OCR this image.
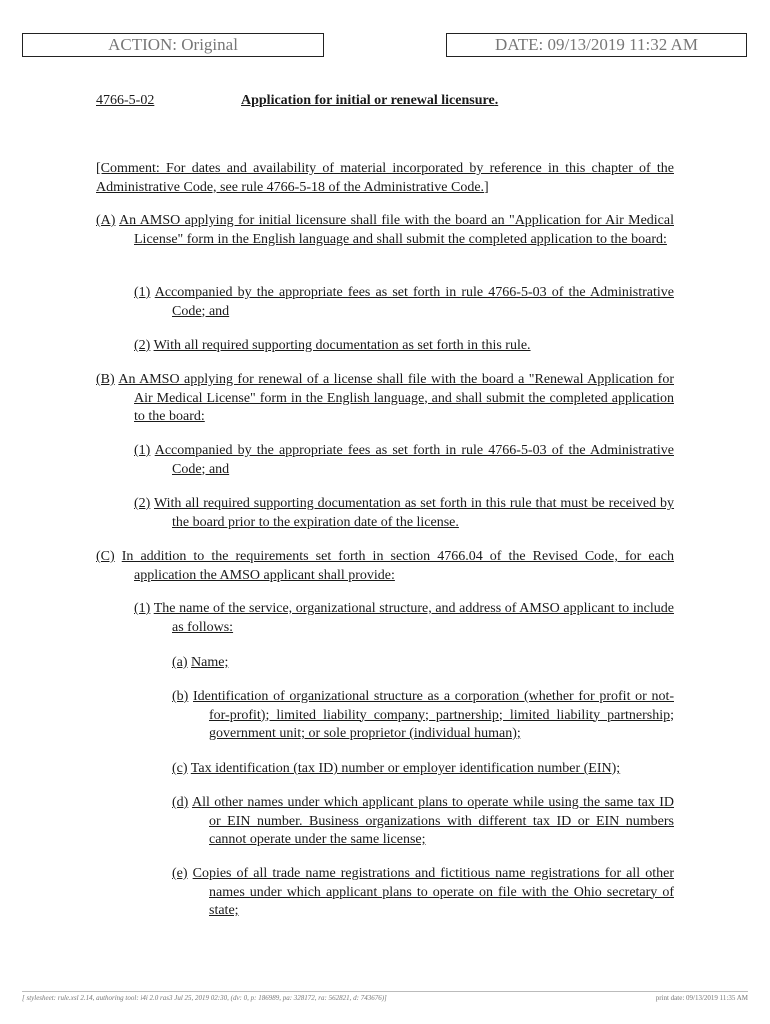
ACTION: Original	DATE: 09/13/2019 11:32 AM
4766-5-02	Application for initial or renewal licensure.
[Comment: For dates and availability of material incorporated by reference in this chapter of the Administrative Code, see rule 4766-5-18 of the Administrative Code.]
(A) An AMSO applying for initial licensure shall file with the board an "Application for Air Medical License" form in the English language and shall submit the completed application to the board:
(1) Accompanied by the appropriate fees as set forth in rule 4766-5-03 of the Administrative Code; and
(2) With all required supporting documentation as set forth in this rule.
(B) An AMSO applying for renewal of a license shall file with the board a "Renewal Application for Air Medical License" form in the English language, and shall submit the completed application to the board:
(1) Accompanied by the appropriate fees as set forth in rule 4766-5-03 of the Administrative Code; and
(2) With all required supporting documentation as set forth in this rule that must be received by the board prior to the expiration date of the license.
(C) In addition to the requirements set forth in section 4766.04 of the Revised Code, for each application the AMSO applicant shall provide:
(1) The name of the service, organizational structure, and address of AMSO applicant to include as follows:
(a) Name;
(b) Identification of organizational structure as a corporation (whether for profit or not-for-profit); limited liability company; partnership; limited liability partnership; government unit; or sole proprietor (individual human);
(c) Tax identification (tax ID) number or employer identification number (EIN);
(d) All other names under which applicant plans to operate while using the same tax ID or EIN number. Business organizations with different tax ID or EIN numbers cannot operate under the same license;
(e) Copies of all trade name registrations and fictitious name registrations for all other names under which applicant plans to operate on file with the Ohio secretary of state;
[ stylesheet: rule.xsl 2.14, authoring tool: i4i 2.0 ras3 Jul 25, 2019 02:30, (dv: 0, p: 186989, pa: 328172, ra: 562821, d: 743676)]	print date: 09/13/2019 11:35 AM
